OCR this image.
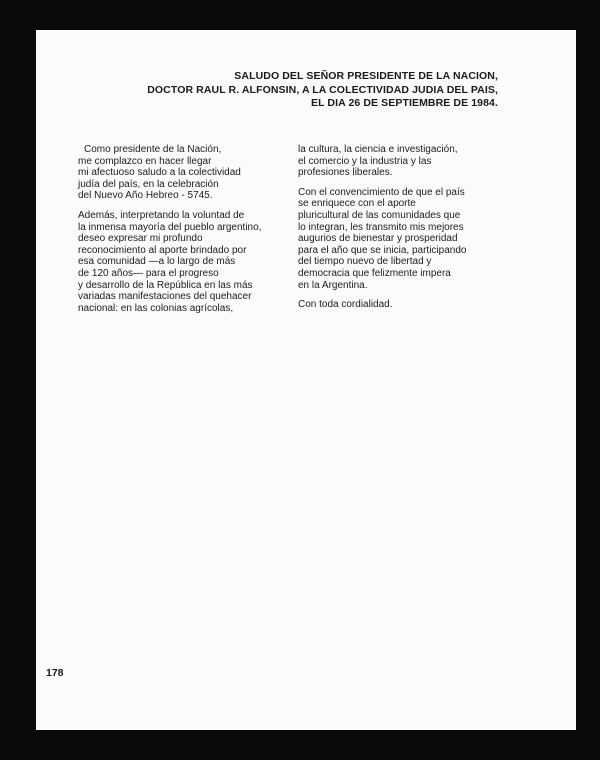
SALUDO DEL SEÑOR PRESIDENTE DE LA NACION,
DOCTOR RAUL R. ALFONSIN, A LA COLECTIVIDAD JUDIA DEL PAIS,
EL DIA 26 DE SEPTIEMBRE DE 1984.

Como presidente de la Nación,
me complazco en hacer llegar
mi afectuoso saludo a la colectividad
judía del país, en la celebración
del Nuevo Año Hebreo - 5745.

Además, interpretando la voluntad de
la inmensa mayoría del pueblo argentino,
deseo expresar mi profundo
reconocimiento al aporte brindado por
esa comunidad —a lo largo de más
de 120 años— para el progreso
y desarrollo de la República en las más
variadas manifestaciones del quehacer
nacional: en las colonias agrícolas,

la cultura, la ciencia e investigación,
el comercio y la industria y las
profesiones liberales.

Con el convencimiento de que el país
se enriquece con el aporte
pluricultural de las comunidades que
lo integran, les transmito mis mejores
augurios de bienestar y prosperidad
para el año que se inicia, participando
del tiempo nuevo de libertad y
democracia que felizmente impera
en la Argentina.

Con toda cordialidad.

178
